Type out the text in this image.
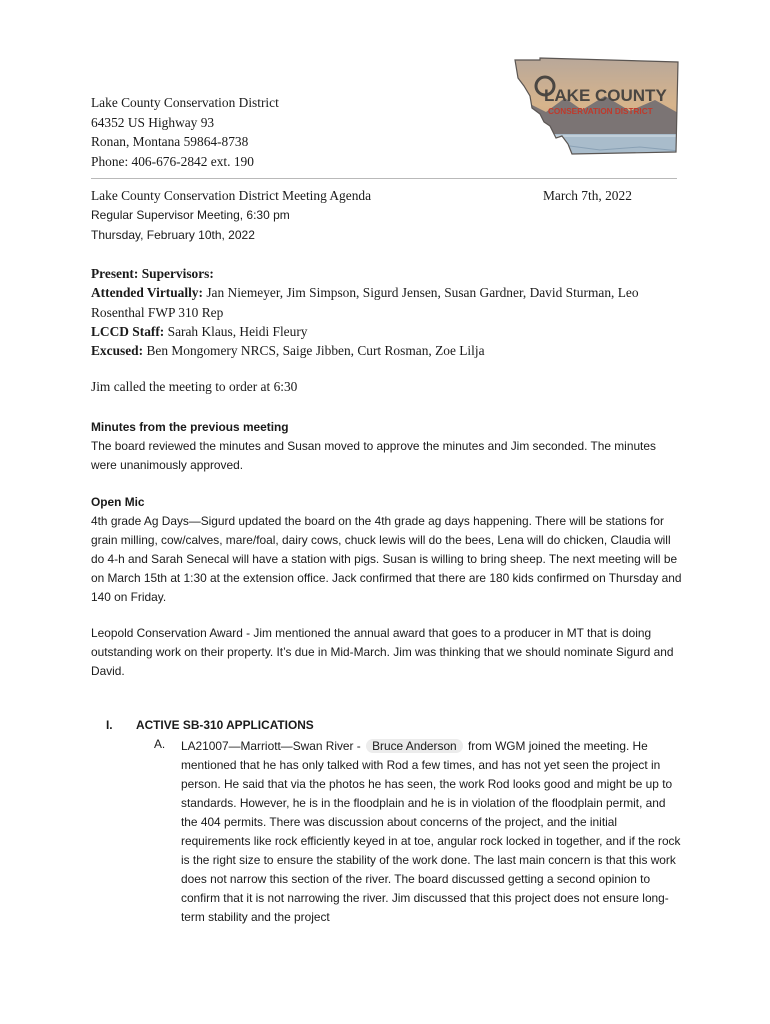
Lake County Conservation District
64352 US Highway 93
Ronan, Montana 59864-8738
Phone: 406-676-2842 ext. 190
LAKE COUNTY
CONSERVATION DISTRICT
Lake County Conservation District Meeting Agenda	March 7th, 2022
Regular Supervisor Meeting, 6:30 pm
Thursday, February 10th, 2022
Present: Supervisors:
Attended Virtually: Jan Niemeyer, Jim Simpson, Sigurd Jensen, Susan Gardner, David Sturman, Leo Rosenthal FWP 310 Rep
LCCD Staff: Sarah Klaus, Heidi Fleury
Excused: Ben Mongomery NRCS, Saige Jibben, Curt Rosman, Zoe Lilja
Jim called the meeting to order at 6:30
Minutes from the previous meeting
The board reviewed the minutes and Susan moved to approve the minutes and Jim seconded. The minutes were unanimously approved.
Open Mic
4th grade Ag Days—Sigurd updated the board on the 4th grade ag days happening. There will be stations for grain milling, cow/calves, mare/foal, dairy cows, chuck lewis will do the bees, Lena will do chicken, Claudia will do 4-h and Sarah Senecal will have a station with pigs. Susan is willing to bring sheep. The next meeting will be on March 15th at 1:30 at the extension office. Jack confirmed that there are 180 kids confirmed on Thursday and 140 on Friday.
Leopold Conservation Award - Jim mentioned the annual award that goes to a producer in MT that is doing outstanding work on their property. It’s due in Mid-March. Jim was thinking that we should nominate Sigurd and David.
I. ACTIVE SB-310 APPLICATIONS
A. LA21007—Marriott—Swan River - Bruce Anderson from WGM joined the meeting. He mentioned that he has only talked with Rod a few times, and has not yet seen the project in person. He said that via the photos he has seen, the work Rod looks good and might be up to standards. However, he is in the floodplain and he is in violation of the floodplain permit, and the 404 permits. There was discussion about concerns of the project, and the initial requirements like rock efficiently keyed in at toe, angular rock locked in together, and if the rock is the right size to ensure the stability of the work done. The last main concern is that this work does not narrow this section of the river. The board discussed getting a second opinion to confirm that it is not narrowing the river. Jim discussed that this project does not ensure long-term stability and the project
